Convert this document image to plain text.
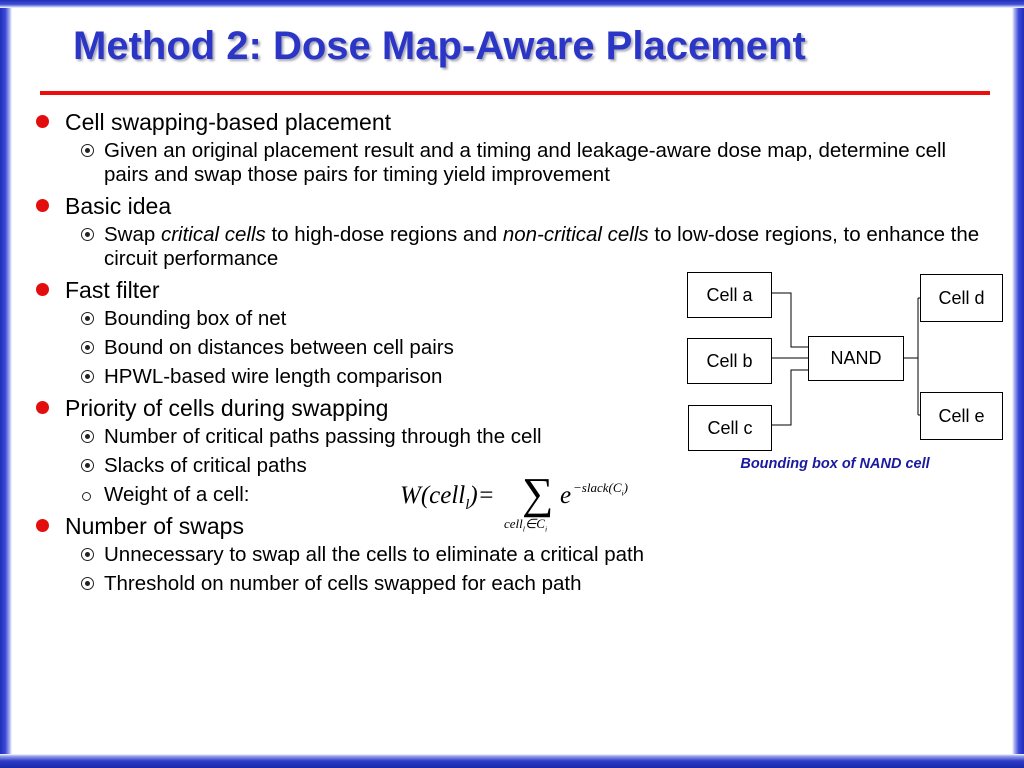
Method 2: Dose Map-Aware Placement
Cell swapping-based placement
Given an original placement result and a timing and leakage-aware dose map, determine cell pairs and swap those pairs for timing yield improvement
Basic idea
Swap critical cells to high-dose regions and non-critical cells to low-dose regions, to enhance the circuit performance
Fast filter
Bounding box of net
Bound on distances between cell pairs
HPWL-based wire length comparison
Priority of cells during swapping
Number of critical paths passing through the cell
Slacks of critical paths
Weight of a cell:
Number of swaps
Unnecessary to swap all the cells to eliminate a critical path
Threshold on number of cells swapped for each path
W(cell$_l$)= ∑
$cell_l\in C_i$
$e -slack(C_i)$
Cell a
Cell b
Cell c
NAND
Cell d
Cell e
Bounding box of NAND cell
